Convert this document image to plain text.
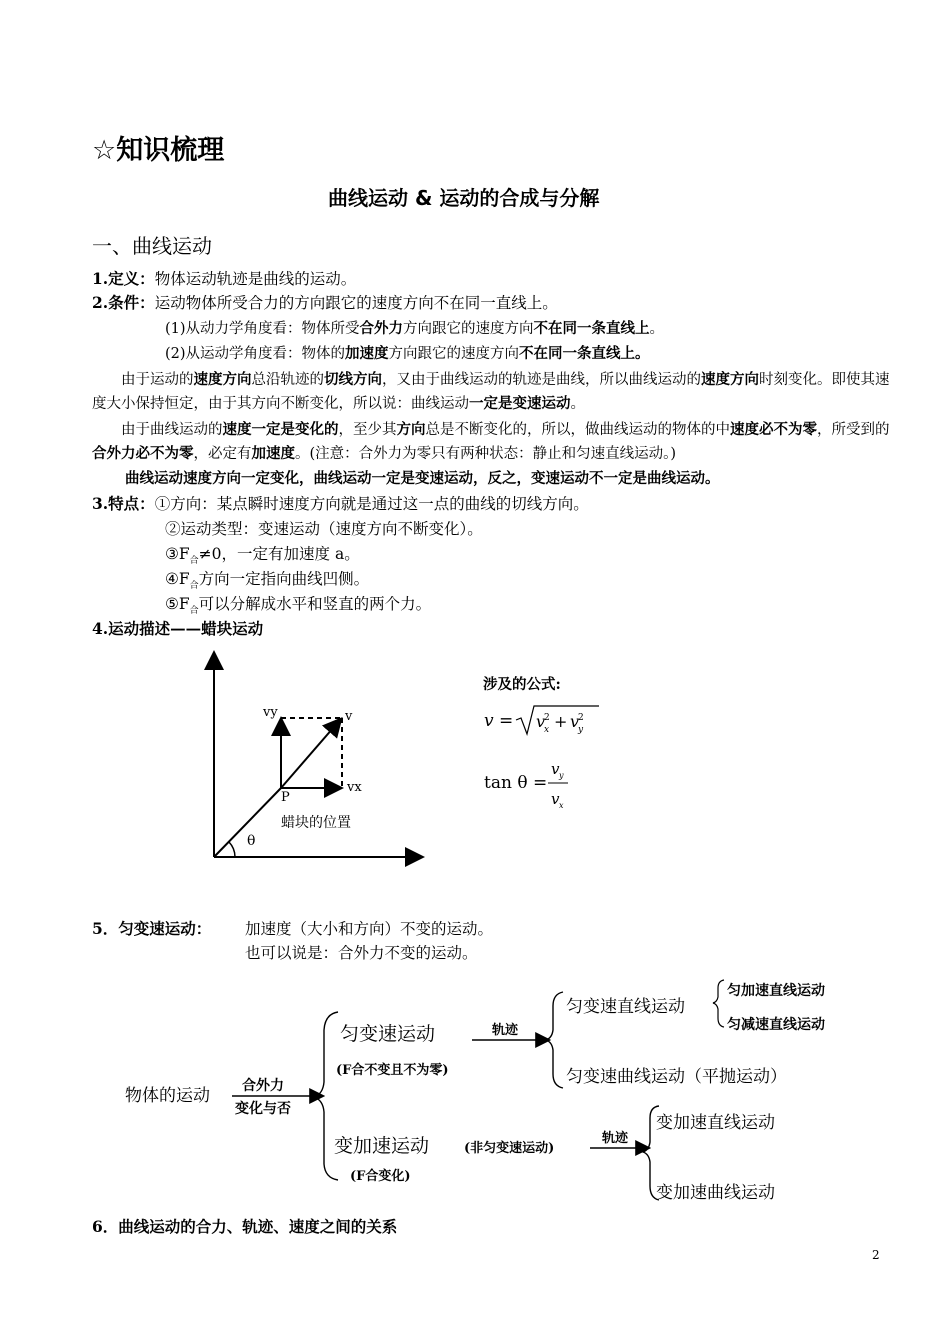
☆知识梳理
曲线运动 & 运动的合成与分解
一、曲线运动
1.定义：物体运动轨迹是曲线的运动。
2.条件：运动物体所受合力的方向跟它的速度方向不在同一直线上。
(1)从动力学角度看：物体所受合外力方向跟它的速度方向不在同一条直线上。
(2)从运动学角度看：物体的加速度方向跟它的速度方向不在同一条直线上。
由于运动的速度方向总沿轨迹的切线方向，又由于曲线运动的轨迹是曲线，所以曲线运动的速度方向时刻变化。即使其速度大小保持恒定，由于其方向不断变化，所以说：曲线运动一定是变速运动。
由于曲线运动的速度一定是变化的，至少其方向总是不断变化的，所以，做曲线运动的物体的中速度必不为零，所受到的合外力必不为零，必定有加速度。(注意：合外力为零只有两种状态：静止和匀速直线运动。)
曲线运动速度方向一定变化，曲线运动一定是变速运动，反之，变速运动不一定是曲线运动。
3.特点：①方向：某点瞬时速度方向就是通过这一点的曲线的切线方向。
②运动类型：变速运动（速度方向不断变化）。
$③F_合\ne 0$，一定有加速度 a。
$④F_合$方向一定指向曲线凹侧。
$⑤F_合$可以分解成水平和竖直的两个力。
4.运动描述——蜡块运动
vy	v
vx
P
蜡块的位置
θ
涉及的公式:
v = v
x
2 + v
y
2
tan θ =
v y
v x
5．匀变速运动： 加速度（大小和方向）不变的运动。
也可以说是：合外力不变的运动。
物体的运动 合外力
变化与否
匀变速运动
(F合不变且不为零)
轨迹
匀变速直线运动
匀加速直线运动
匀减速直线运动
匀变速曲线运动（平抛运动）
变加速运动	(非匀变速运动)
(F合变化)
轨迹
变加速直线运动
变加速曲线运动
6．曲线运动的合力、轨迹、速度之间的关系
2
